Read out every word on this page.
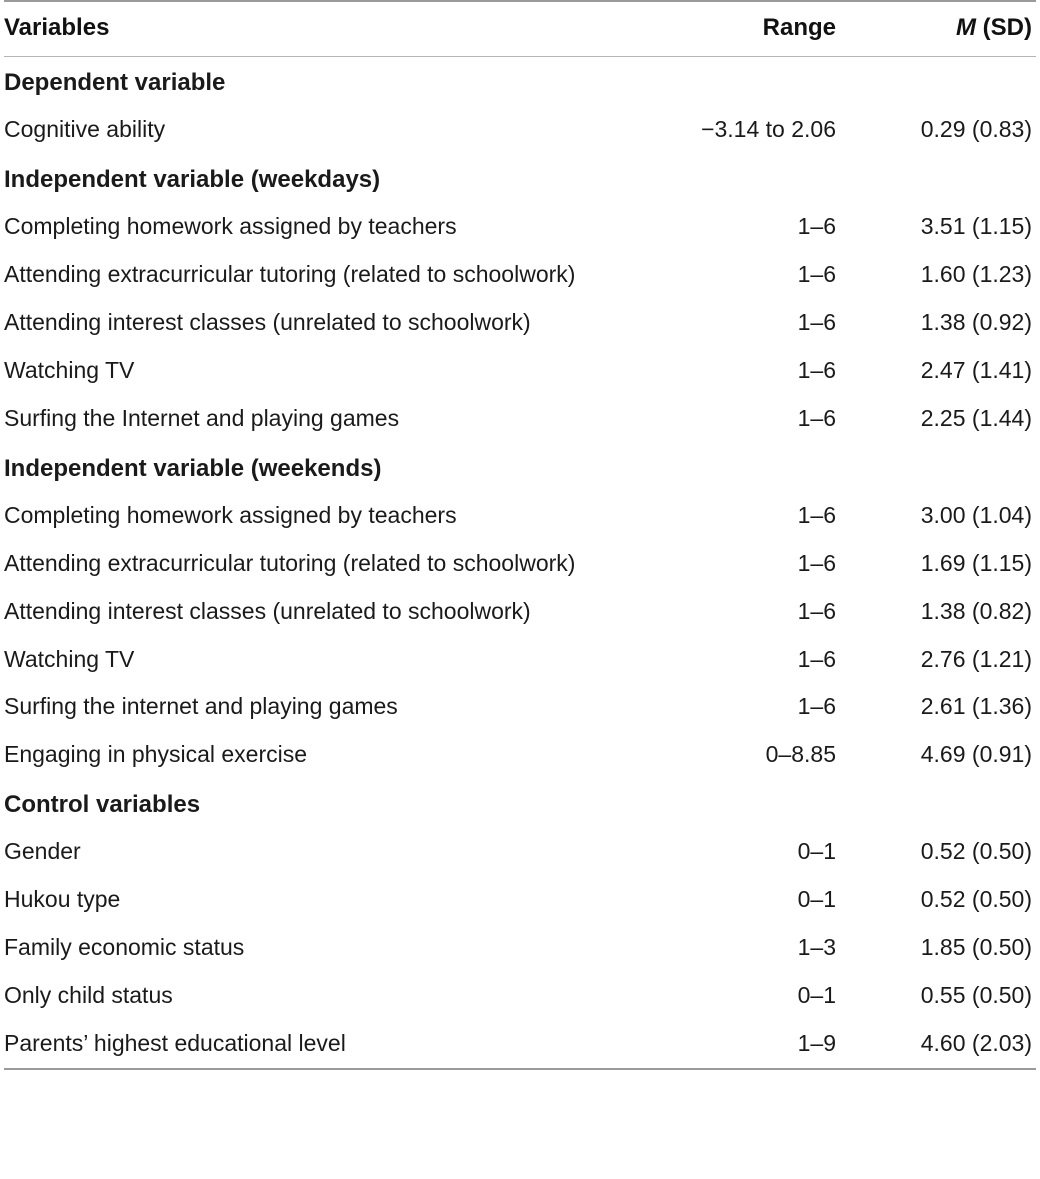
Variables	Range	M (SD)

Dependent variable		
Cognitive ability	−3.14 to 2.06	0.29 (0.83)
Independent variable (weekdays)		
Completing homework assigned by teachers	1–6	3.51 (1.15)
Attending extracurricular tutoring (related to schoolwork)	1–6	1.60 (1.23)
Attending interest classes (unrelated to schoolwork)	1–6	1.38 (0.92)
Watching TV	1–6	2.47 (1.41)
Surfing the Internet and playing games	1–6	2.25 (1.44)
Independent variable (weekends)		
Completing homework assigned by teachers	1–6	3.00 (1.04)
Attending extracurricular tutoring (related to schoolwork)	1–6	1.69 (1.15)
Attending interest classes (unrelated to schoolwork)	1–6	1.38 (0.82)
Watching TV	1–6	2.76 (1.21)
Surfing the internet and playing games	1–6	2.61 (1.36)
Engaging in physical exercise	0–8.85	4.69 (0.91)
Control variables		
Gender	0–1	0.52 (0.50)
Hukou type	0–1	0.52 (0.50)
Family economic status	1–3	1.85 (0.50)
Only child status	0–1	0.55 (0.50)
Parents’ highest educational level	1–9	4.60 (2.03)
